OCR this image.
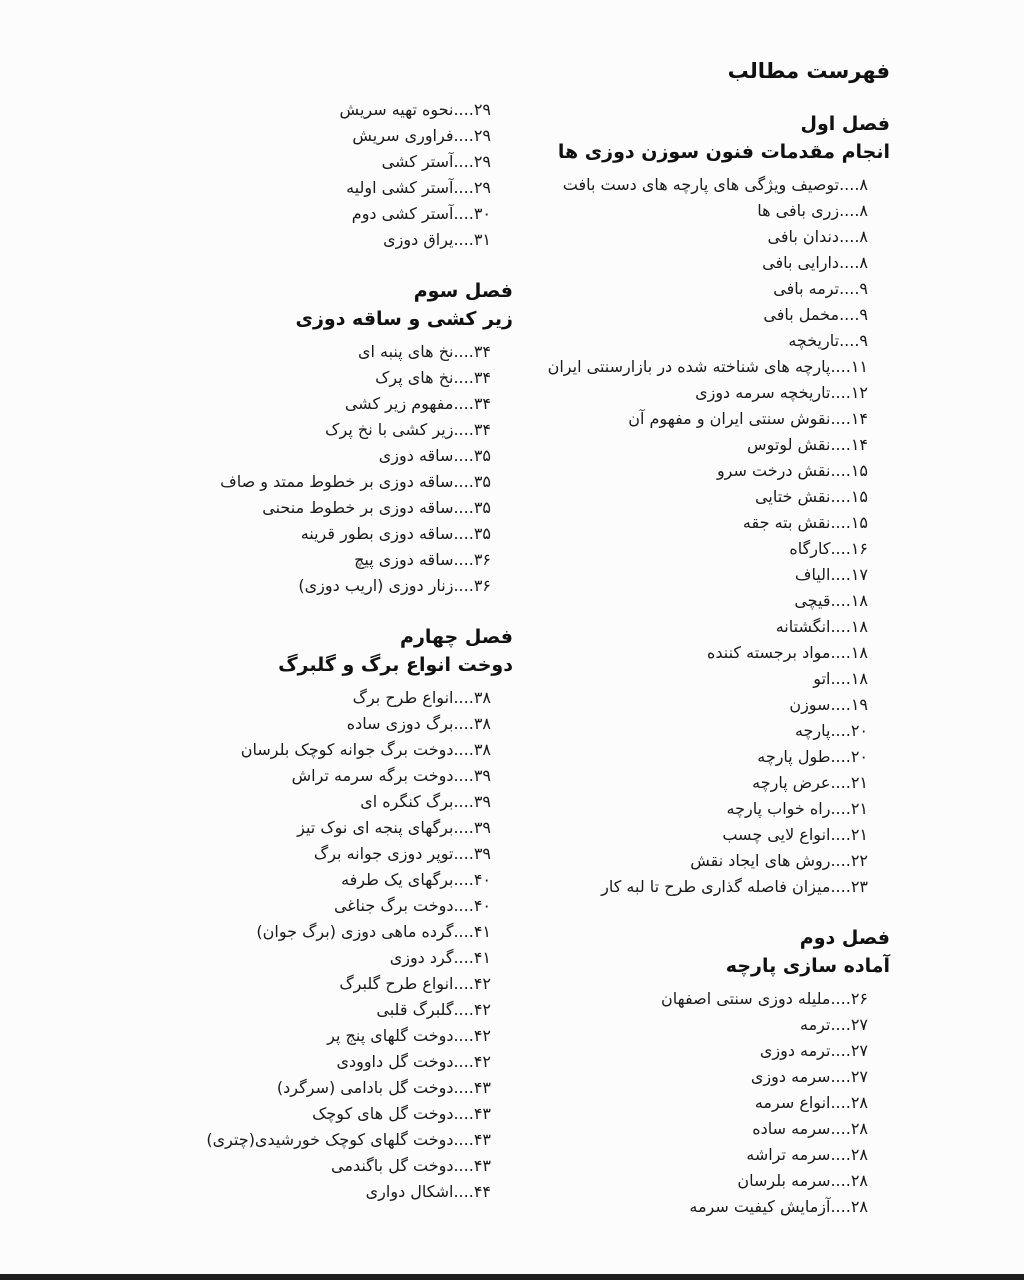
فهرست مطالب
فصل اول
انجام مقدمات فنون سوزن دوزی ها
۸....توصیف ویژگی های پارچه های دست بافت
۸....زری بافی ها
۸....دندان بافی
۸....دارایی بافی
۹....ترمه بافی
۹....مخمل بافی
۹....تاریخچه
۱۱....پارچه های شناخته شده در بازارسنتی ایران
۱۲....تاریخچه سرمه دوزی
۱۴....نقوش سنتی ایران و مفهوم آن
۱۴....نقش لوتوس
۱۵....نقش درخت سرو
۱۵....نقش ختایی
۱۵....نقش بته جقه
۱۶....کارگاه
۱۷....الیاف
۱۸....قیچی
۱۸....انگشتانه
۱۸....مواد برجسته کننده
۱۸....اتو
۱۹....سوزن
۲۰....پارچه
۲۰....طول پارچه
۲۱....عرض پارچه
۲۱....راه خواب پارچه
۲۱....انواع لایی چسب
۲۲....روش های ایجاد نقش
۲۳....میزان فاصله گذاری طرح تا لبه کار
فصل دوم
آماده سازی پارچه
۲۶....ملیله دوزی سنتی اصفهان
۲۷....ترمه
۲۷....ترمه دوزی
۲۷....سرمه دوزی
۲۸....انواع سرمه
۲۸....سرمه ساده
۲۸....سرمه تراشه
۲۸....سرمه بلرسان
۲۸....آزمایش کیفیت سرمه
۲۹....نحوه تهیه سریش
۲۹....فراوری سریش
۲۹....آستر کشی
۲۹....آستر کشی اولیه
۳۰....آستر کشی دوم
۳۱....یراق دوزی
فصل سوم
زیر کشی و ساقه دوزی
۳۴....نخ های پنبه ای
۳۴....نخ های پرک
۳۴....مفهوم زیر کشی
۳۴....زیر کشی با نخ پرک
۳۵....ساقه دوزی
۳۵....ساقه دوزی بر خطوط ممتد و صاف
۳۵....ساقه دوزی بر خطوط منحنی
۳۵....ساقه دوزی بطور قرینه
۳۶....ساقه دوزی پیچ
۳۶....زنار دوزی (اریب دوزی)
فصل چهارم
دوخت انواع برگ و گلبرگ
۳۸....انواع طرح برگ
۳۸....برگ دوزی ساده
۳۸....دوخت برگ جوانه کوچک بلرسان
۳۹....دوخت برگه سرمه تراش
۳۹....برگ کنگره ای
۳۹....برگهای پنجه ای نوک تیز
۳۹....توپر دوزی جوانه برگ
۴۰....برگهای یک طرفه
۴۰....دوخت برگ جناغی
۴۱....گرده ماهی دوزی (برگ جوان)
۴۱....گرد دوزی
۴۲....انواع طرح گلبرگ
۴۲....گلبرگ قلبی
۴۲....دوخت گلهای پنج پر
۴۲....دوخت گل داوودی
۴۳....دوخت گل بادامی (سرگرد)
۴۳....دوخت گل های کوچک
۴۳....دوخت گلهای کوچک خورشیدی(چتری)
۴۳....دوخت گل باگندمی
۴۴....اشکال دواری
